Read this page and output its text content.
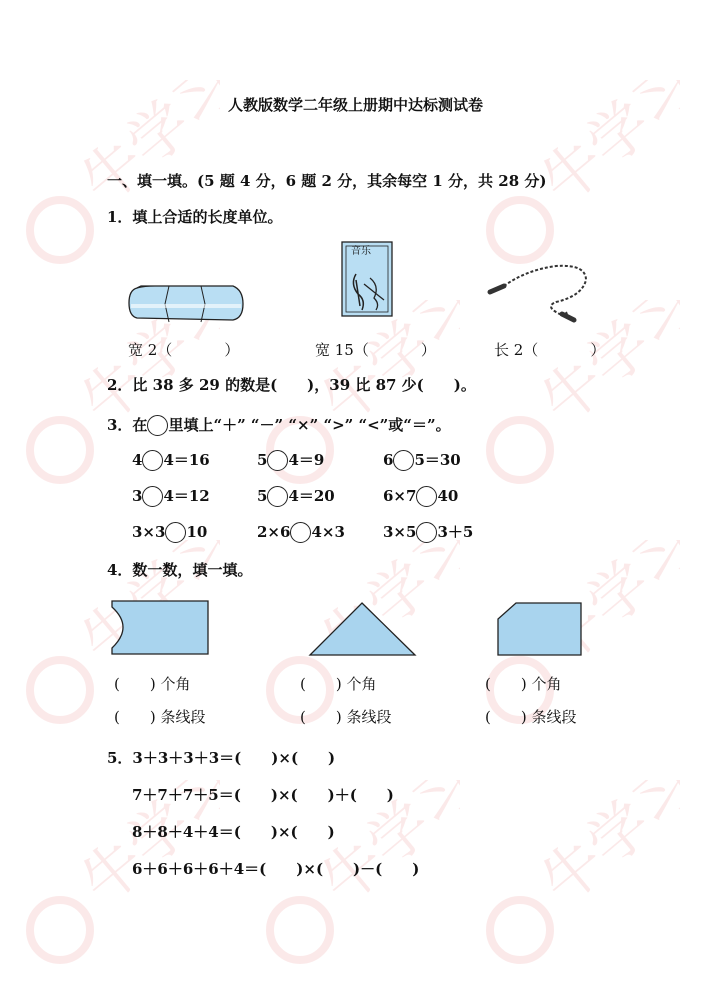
牛学习	牛学习
牛学习 牛学习 牛学习
牛学习 牛学习
牛学习 牛学习 牛学习
人教版数学二年级上册期中达标测试卷
一、填一填。(5 题 4 分，6 题 2 分，其余每空 1 分，共 28 分)
1．填上合适的长度单位。
音乐
宽 2（	）	宽 15（	）	长 2（	）
2．比 38 多 29 的数是(　　)，39 比 87 少(　　)。
3．在 里填上“＋” “－” “×” “>” “<”或“＝”。
4 4＝16	5 4＝9	6 5＝30
3 4＝12	5 4＝20	6×7 40
3×3 10	2×6 4×3	3×5 3＋5
4．数一数，填一填。
(　　) 个角	(　　) 个角	(　　) 个角
(　　) 条线段	(　　) 条线段	(　　) 条线段
5．3＋3＋3＋3＝(　　)×(　　)
7＋7＋7＋5＝(　　)×(　　)＋(　　)
8＋8＋4＋4＝(　　)×(　　)
6＋6＋6＋6＋4＝(　　)×(　　)－(　　)
